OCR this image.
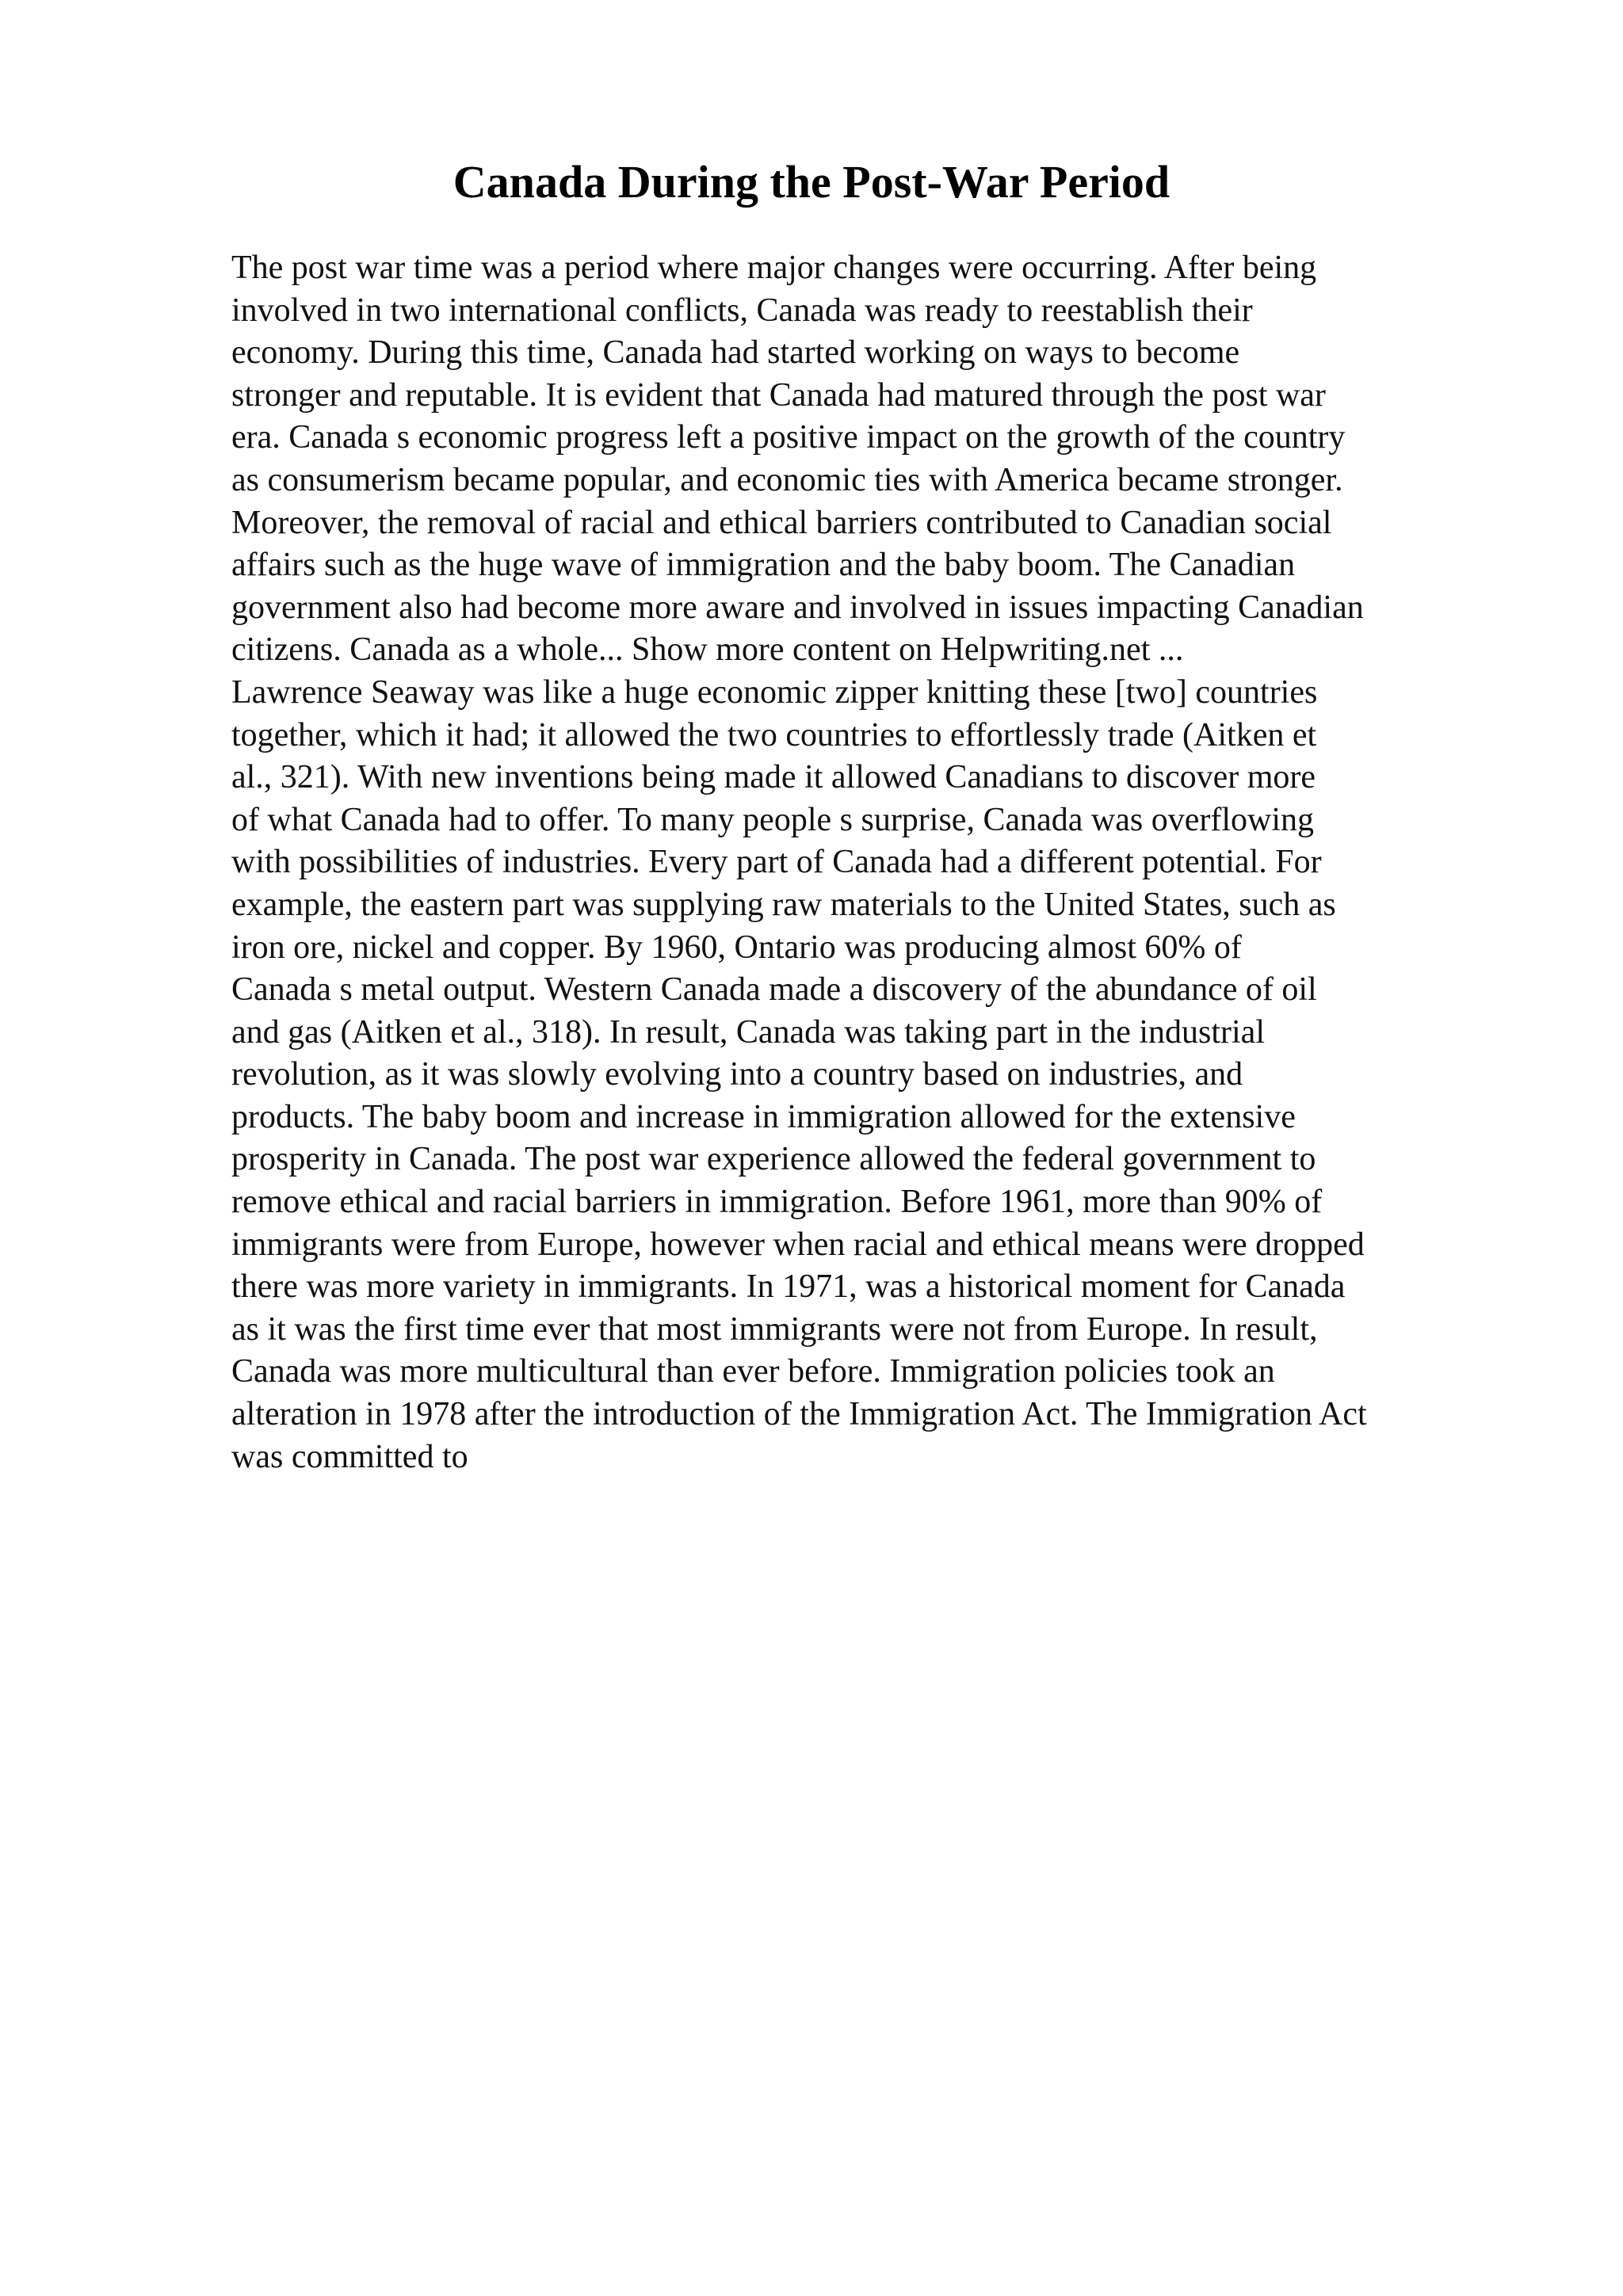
Canada During the Post-War Period
The post war time was a period where major changes were occurring. After being
involved in two international conflicts, Canada was ready to reestablish their
economy. During this time, Canada had started working on ways to become
stronger and reputable. It is evident that Canada had matured through the post war
era. Canada s economic progress left a positive impact on the growth of the country
as consumerism became popular, and economic ties with America became stronger.
Moreover, the removal of racial and ethical barriers contributed to Canadian social
affairs such as the huge wave of immigration and the baby boom. The Canadian
government also had become more aware and involved in issues impacting Canadian
citizens. Canada as a whole... Show more content on Helpwriting.net ...
Lawrence Seaway was like a huge economic zipper knitting these [two] countries
together, which it had; it allowed the two countries to effortlessly trade (Aitken et
al., 321). With new inventions being made it allowed Canadians to discover more
of what Canada had to offer. To many people s surprise, Canada was overflowing
with possibilities of industries. Every part of Canada had a different potential. For
example, the eastern part was supplying raw materials to the United States, such as
iron ore, nickel and copper. By 1960, Ontario was producing almost 60% of
Canada s metal output. Western Canada made a discovery of the abundance of oil
and gas (Aitken et al., 318). In result, Canada was taking part in the industrial
revolution, as it was slowly evolving into a country based on industries, and
products. The baby boom and increase in immigration allowed for the extensive
prosperity in Canada. The post war experience allowed the federal government to
remove ethical and racial barriers in immigration. Before 1961, more than 90% of
immigrants were from Europe, however when racial and ethical means were dropped
there was more variety in immigrants. In 1971, was a historical moment for Canada
as it was the first time ever that most immigrants were not from Europe. In result,
Canada was more multicultural than ever before. Immigration policies took an
alteration in 1978 after the introduction of the Immigration Act. The Immigration Act
was committed to
